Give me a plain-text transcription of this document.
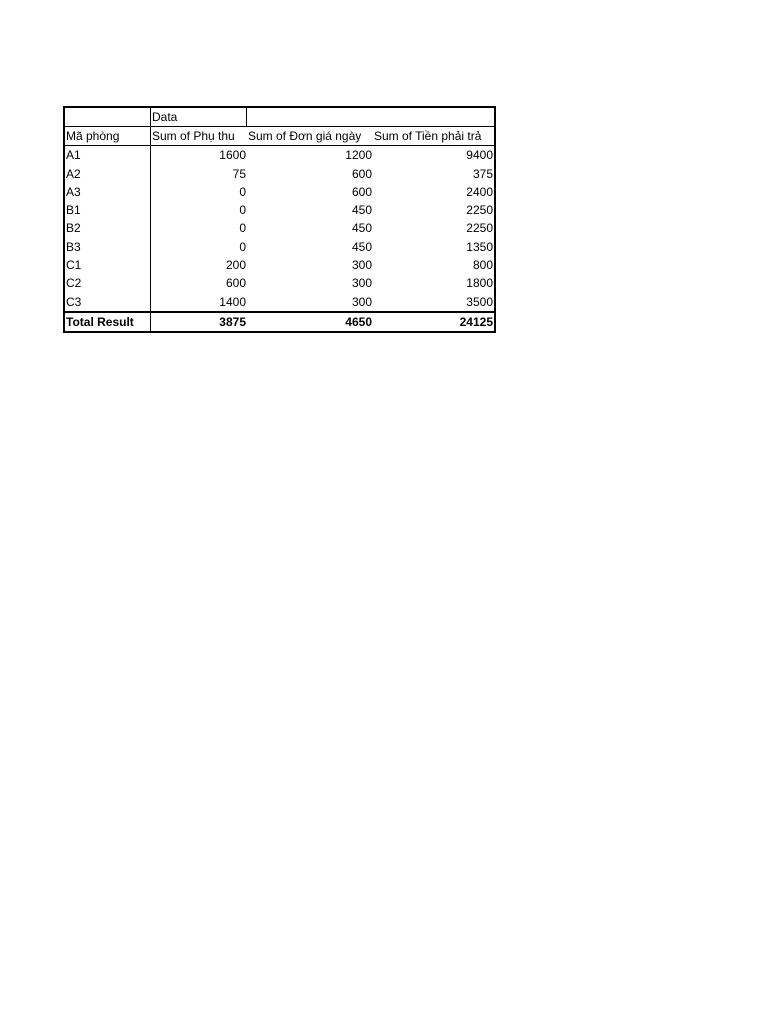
Data
Mã phòng	Sum of Phụ thu	Sum of Đơn giá ngày	Sum of Tiền phải trả
A1	1600	1200	9400
A2	75	600	375
A3	0	600	2400
B1	0	450	2250
B2	0	450	2250
B3	0	450	1350
C1	200	300	800
C2	600	300	1800
C3	1400	300	3500
Total Result	3875	4650	24125
